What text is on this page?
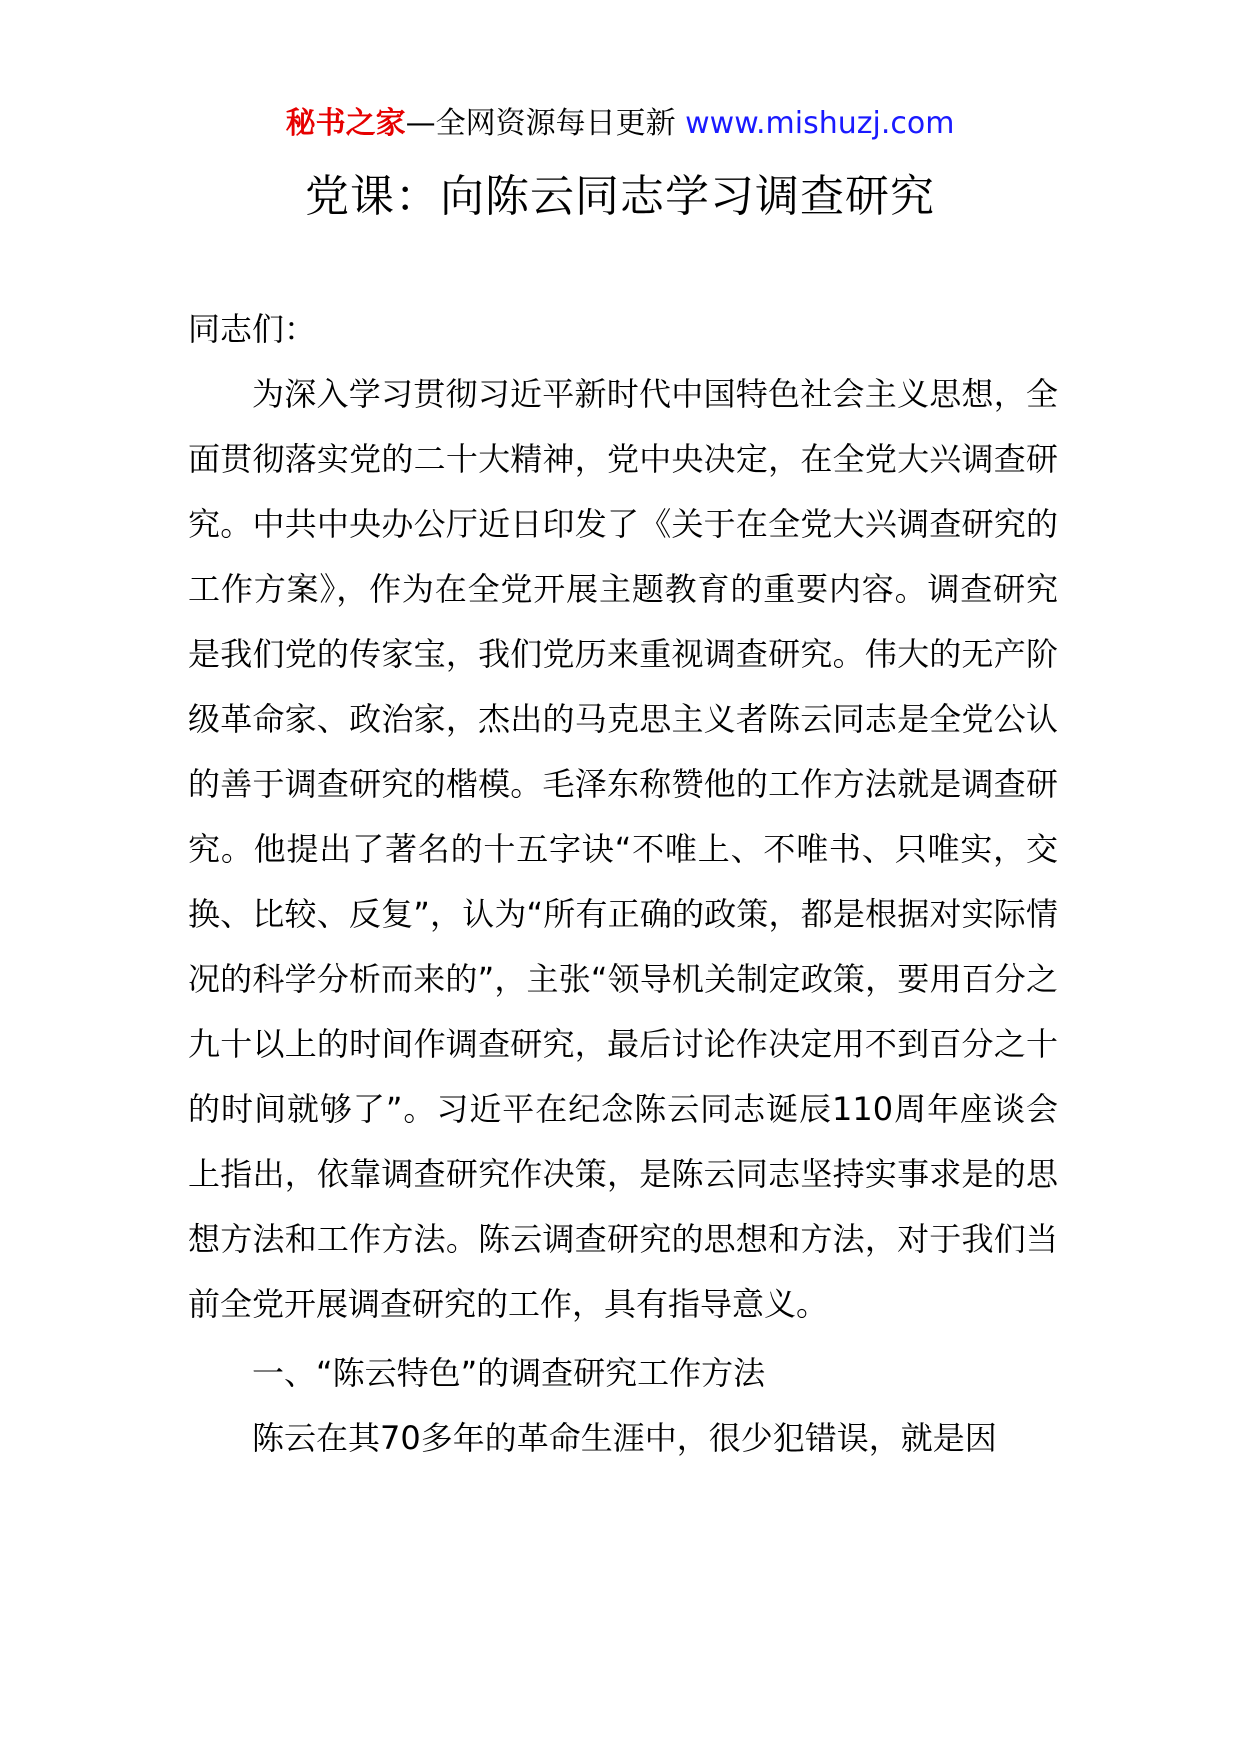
秘书之家—全网资源每日更新 www.mishuzj.com
党课：向陈云同志学习调查研究

同志们：

为深入学习贯彻习近平新时代中国特色社会主义思想，全面贯彻落实党的二十大精神，党中央决定，在全党大兴调查研究。中共中央办公厅近日印发了《关于在全党大兴调查研究的工作方案》，作为在全党开展主题教育的重要内容。调查研究是我们党的传家宝，我们党历来重视调查研究。伟大的无产阶级革命家、政治家，杰出的马克思主义者陈云同志是全党公认的善于调查研究的楷模。毛泽东称赞他的工作方法就是调查研究。他提出了著名的十五字诀“不唯上、不唯书、只唯实，交换、比较、反复”，认为“所有正确的政策，都是根据对实际情况的科学分析而来的”，主张“领导机关制定政策，要用百分之九十以上的时间作调查研究，最后讨论作决定用不到百分之十的时间就够了”。习近平在纪念陈云同志诞辰110周年座谈会上指出，依靠调查研究作决策，是陈云同志坚持实事求是的思想方法和工作方法。陈云调查研究的思想和方法，对于我们当前全党开展调查研究的工作，具有指导意义。

一、“陈云特色”的调查研究工作方法

陈云在其70多年的革命生涯中，很少犯错误，就是因
